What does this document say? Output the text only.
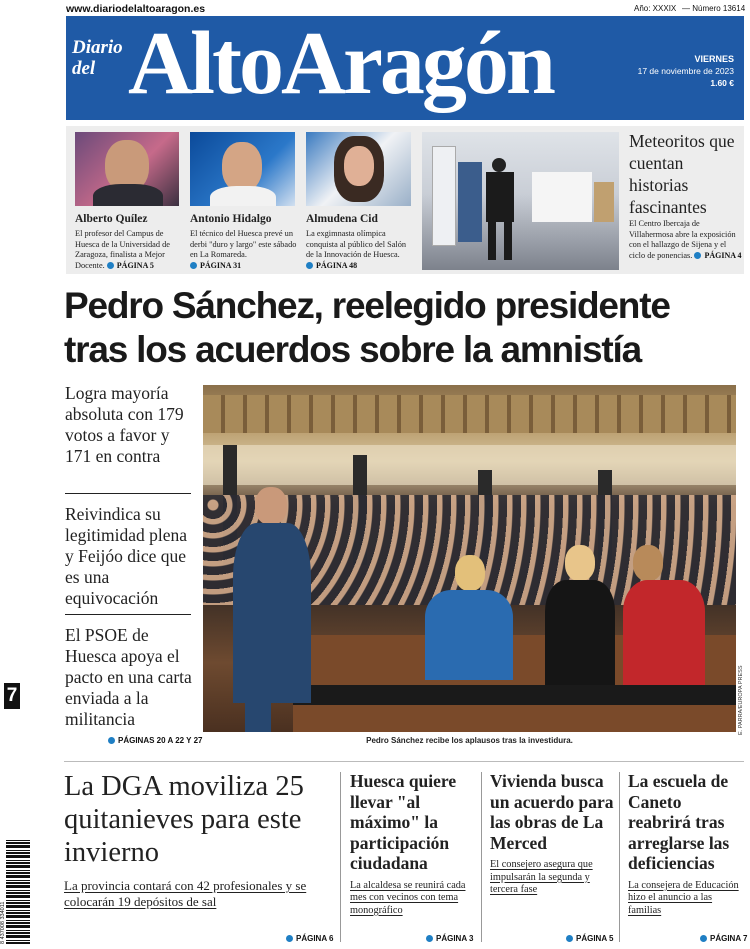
www.diariodelaltoaragon.es	Año: XXXIX — Número 13614
Diario
del AltoAragón	VIERNES
17 de noviembre de 2023
1.60 €
Alberto Quílez
El profesor del Campus de Huesca de la Universidad de Zaragoza, finalista a Mejor Docente. PÁGINA 5
Antonio Hidalgo
El técnico del Huesca prevé un derbi "duro y largo" este sábado en La Romareda. PÁGINA 31
Almudena Cid
La exgimnasta olímpica conquista al público del Salón de la Innovación de Huesca. PÁGINA 48
Meteoritos que cuentan historias fascinantes
El Centro Ibercaja de Villahermosa abre la exposición con el hallazgo de Sijena y el ciclo de ponencias. PÁGINA 4
Pedro Sánchez, reelegido presidente
tras los acuerdos sobre la amnistía
Logra mayoría absoluta con 179 votos a favor y 171 en contra
Reivindica su legitimidad plena y Feijóo dice que es una equivocación
El PSOE de Huesca apoya el pacto en una carta enviada a la militancia
7
PÁGINAS 20 A 22 Y 27
E. PARRA/EUROPA PRESS
Pedro Sánchez recibe los aplausos tras la investidura.
La DGA moviliza 25 quitanieves para este invierno

La provincia contará con 42 profesionales y se colocarán 19 depósitos de sal

PÁGINA 6
Huesca quiere llevar "al máximo" la participación ciudadana

La alcaldesa se reunirá cada mes con vecinos con tema monográfico

PÁGINA 3
Vivienda busca un acuerdo para las obras de La Merced

El consejero asegura que impulsarán la segunda y tercera fase

PÁGINA 5
La escuela de Caneto reabrirá tras arreglarse las deficiencias

La consejera de Educación hizo el anuncio a las familias

PÁGINA 7
8 437008 334011
